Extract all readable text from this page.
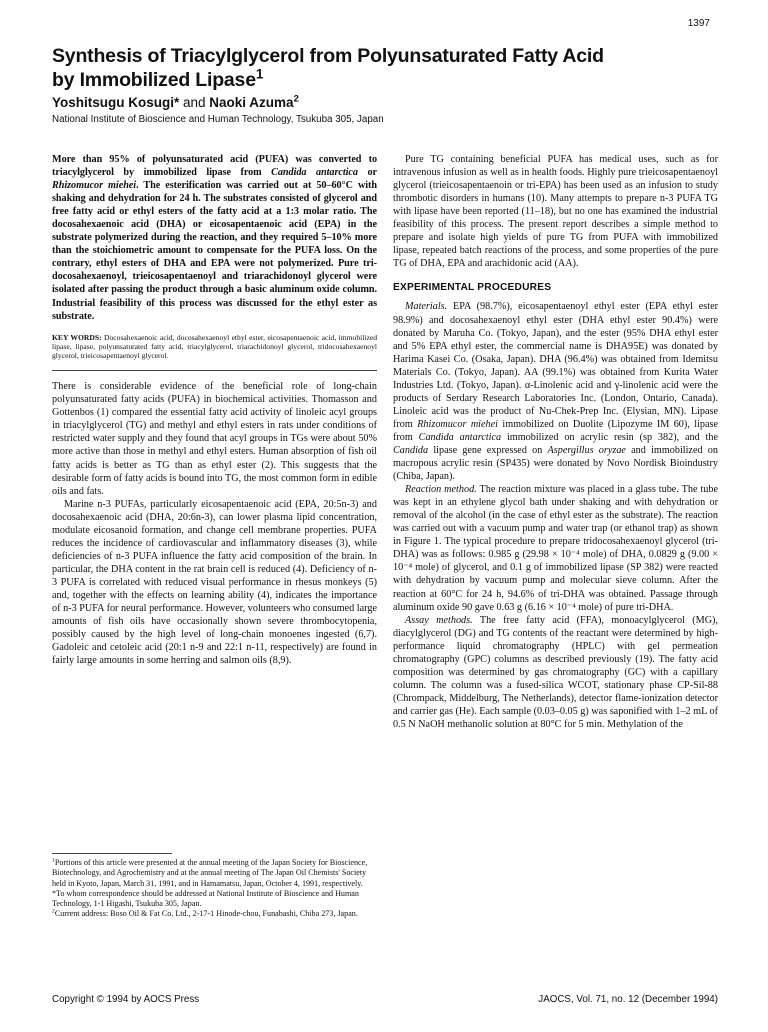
1397
Synthesis of Triacylglycerol from Polyunsaturated Fatty Acid
by Immobilized Lipase$^1$
Yoshitsugu Kosugi* and Naoki Azuma$^2$
National Institute of Bioscience and Human Technology, Tsukuba 305, Japan

More than 95% of polyunsaturated acid (PUFA) was converted to triacylglycerol by immobilized lipase from Candida antarctica or Rhizomucor miehei. The esterification was carried out at 50–60°C with shaking and dehydration for 24 h. The substrates consisted of glycerol and free fatty acid or ethyl esters of the fatty acid at a 1:3 molar ratio. The docosahexaenoic acid (DHA) or eicosapentaenoic acid (EPA) in the substrate polymerized during the reaction, and they required 5–10% more than the stoichiometric amount to compensate for the PUFA loss. On the contrary, ethyl esters of DHA and EPA were not polymerized. Pure tri-docosahexaenoyl, trieicosapentaenoyl and triarachidonoyl glycerol were isolated after passing the product through a basic aluminum oxide column. Industrial feasibility of this process was discussed for the ethyl ester as substrate.

KEY WORDS: Docosahexaenoic acid, docosahexaenoyl ethyl ester, eicosapentaenoic acid, immobilized lipase, lipase, polyunsaturated fatty acid, triacylglycerol, triarachidonoyl glycerol, tridocosahexaenoyl glycerol, trieicosapentaenoyl glycerol.

There is considerable evidence of the beneficial role of long-chain polyunsaturated fatty acids (PUFA) in biochemical activities. Thomasson and Gottenbos (1) compared the essential fatty acid activity of linoleic acyl groups in triacylglycerol (TG) and methyl and ethyl esters in rats under conditions of restricted water supply and they found that acyl groups in TGs were about 50% more active than those in methyl and ethyl esters. Human absorption of fish oil fatty acids is better as TG than as ethyl ester (2). This suggests that the desirable form of fatty acids is bound into TG, the most common form in edible oils and fats.

Marine n-3 PUFAs, particularly eicosapentaenoic acid (EPA, 20:5n-3) and docosahexaenoic acid (DHA, 20:6n-3), can lower plasma lipid concentration, modulate eicosanoid formation, and change cell membrane properties. PUFA reduces the incidence of cardiovascular and inflammatory diseases (3), while deficiencies of n-3 PUFA influence the fatty acid composition of the brain. In particular, the DHA content in the rat brain cell is reduced (4). Deficiency of n-3 PUFA is correlated with reduced visual performance in rhesus monkeys (5) and, together with the effects on learning ability (4), indicates the importance of n-3 PUFA for neural performance. However, volunteers who consumed large amounts of fish oils have occasionally shown severe thrombocytopenia, possibly caused by the high level of long-chain monoenes ingested (6,7). Gadoleic and cetoleic acid (20:1 n-9 and 22:1 n-11, respectively) are found in fairly large amounts in some herring and salmon oils (8,9).

$^1$Portions of this article were presented at the annual meeting of the Japan Society for Bioscience, Biotechnology, and Agrochemistry and at the annual meeting of The Japan Oil Chemists' Society held in Kyoto, Japan, March 31, 1991, and in Hamamatsu, Japan, October 4, 1991, respectively.

*To whom correspondence should be addressed at National Institute of Bioscience and Human Technology, 1-1 Higashi, Tsukuba 305, Japan.

$^2$Current address: Boso Oil & Fat Co. Ltd., 2-17-1 Hinode-chou, Funabashi, Chiba 273, Japan.

Pure TG containing beneficial PUFA has medical uses, such as for intravenous infusion as well as in health foods. Highly pure trieicosapentaenoyl glycerol (trieicosapentaenoin or tri-EPA) has been used as an infusion to study thrombotic disorders in humans (10). Many attempts to prepare n-3 PUFA TG with lipase have been reported (11–18), but no one has examined the industrial feasibility of this process. The present report describes a simple method to prepare and isolate high yields of pure TG from PUFA with immobilized lipase, repeated batch reactions of the process, and some properties of the pure TG of DHA, EPA and arachidonic acid (AA).

EXPERIMENTAL PROCEDURES

Materials. EPA (98.7%), eicosapentaenoyl ethyl ester (EPA ethyl ester 98.9%) and docosahexaenoyl ethyl ester (DHA ethyl ester 90.4%) were donated by Maruha Co. (Tokyo, Japan), and the ester (95% DHA ethyl ester and 5% EPA ethyl ester, the commercial name is DHA95E) was donated by Harima Kasei Co. (Osaka, Japan). DHA (96.4%) was obtained from Idemitsu Materials Co. (Tokyo, Japan). AA (99.1%) was obtained from Kurita Water Industries Ltd. (Tokyo, Japan). α-Linolenic acid and γ-linolenic acid were the products of Serdary Research Laboratories Inc. (London, Ontario, Canada). Linoleic acid was the product of Nu-Chek-Prep Inc. (Elysian, MN). Lipase from Rhizomucor miehei immobilized on Duolite (Lipozyme IM 60), lipase from Candida antarctica immobilized on acrylic resin (sp 382), and the Candida lipase gene expressed on Aspergillus oryzae and immobilized on macropous acrylic resin (SP435) were donated by Novo Nordisk Bioindustry (Chiba, Japan).

Reaction method. The reaction mixture was placed in a glass tube. The tube was kept in an ethylene glycol bath under shaking and with dehydration or removal of the alcohol (in the case of ethyl ester as the substrate). The reaction was carried out with a vacuum pump and water trap (or ethanol trap) as shown in Figure 1. The typical procedure to prepare tridocosahexaenoyl glycerol (tri-DHA) was as follows: 0.985 g (29.98 × 10⁻⁴ mole) of DHA, 0.0829 g (9.00 × 10⁻⁴ mole) of glycerol, and 0.1 g of immobilized lipase (SP 382) were reacted with dehydration by vacuum pump and molecular sieve column. After the reaction at 60°C for 24 h, 94.6% of tri-DHA was obtained. Passage through aluminum oxide 90 gave 0.63 g (6.16 × 10⁻⁴ mole) of pure tri-DHA.

Assay methods. The free fatty acid (FFA), monoacylglycerol (MG), diacylglycerol (DG) and TG contents of the reactant were determined by high-performance liquid chromatography (HPLC) with gel permeation chromatography (GPC) columns as described previously (19). The fatty acid composition was determined by gas chromatography (GC) with a capillary column. The column was a fused-silica WCOT, stationary phase CP-Sil-88 (Chrompack, Middelburg, The Netherlands), detector flame-ionization detector and carrier gas (He). Each sample (0.03–0.05 g) was saponified with 1–2 mL of 0.5 N NaOH methanolic solution at 80°C for 5 min. Methylation of the

Copyright © 1994 by AOCS Press	JAOCS, Vol. 71, no. 12 (December 1994)
